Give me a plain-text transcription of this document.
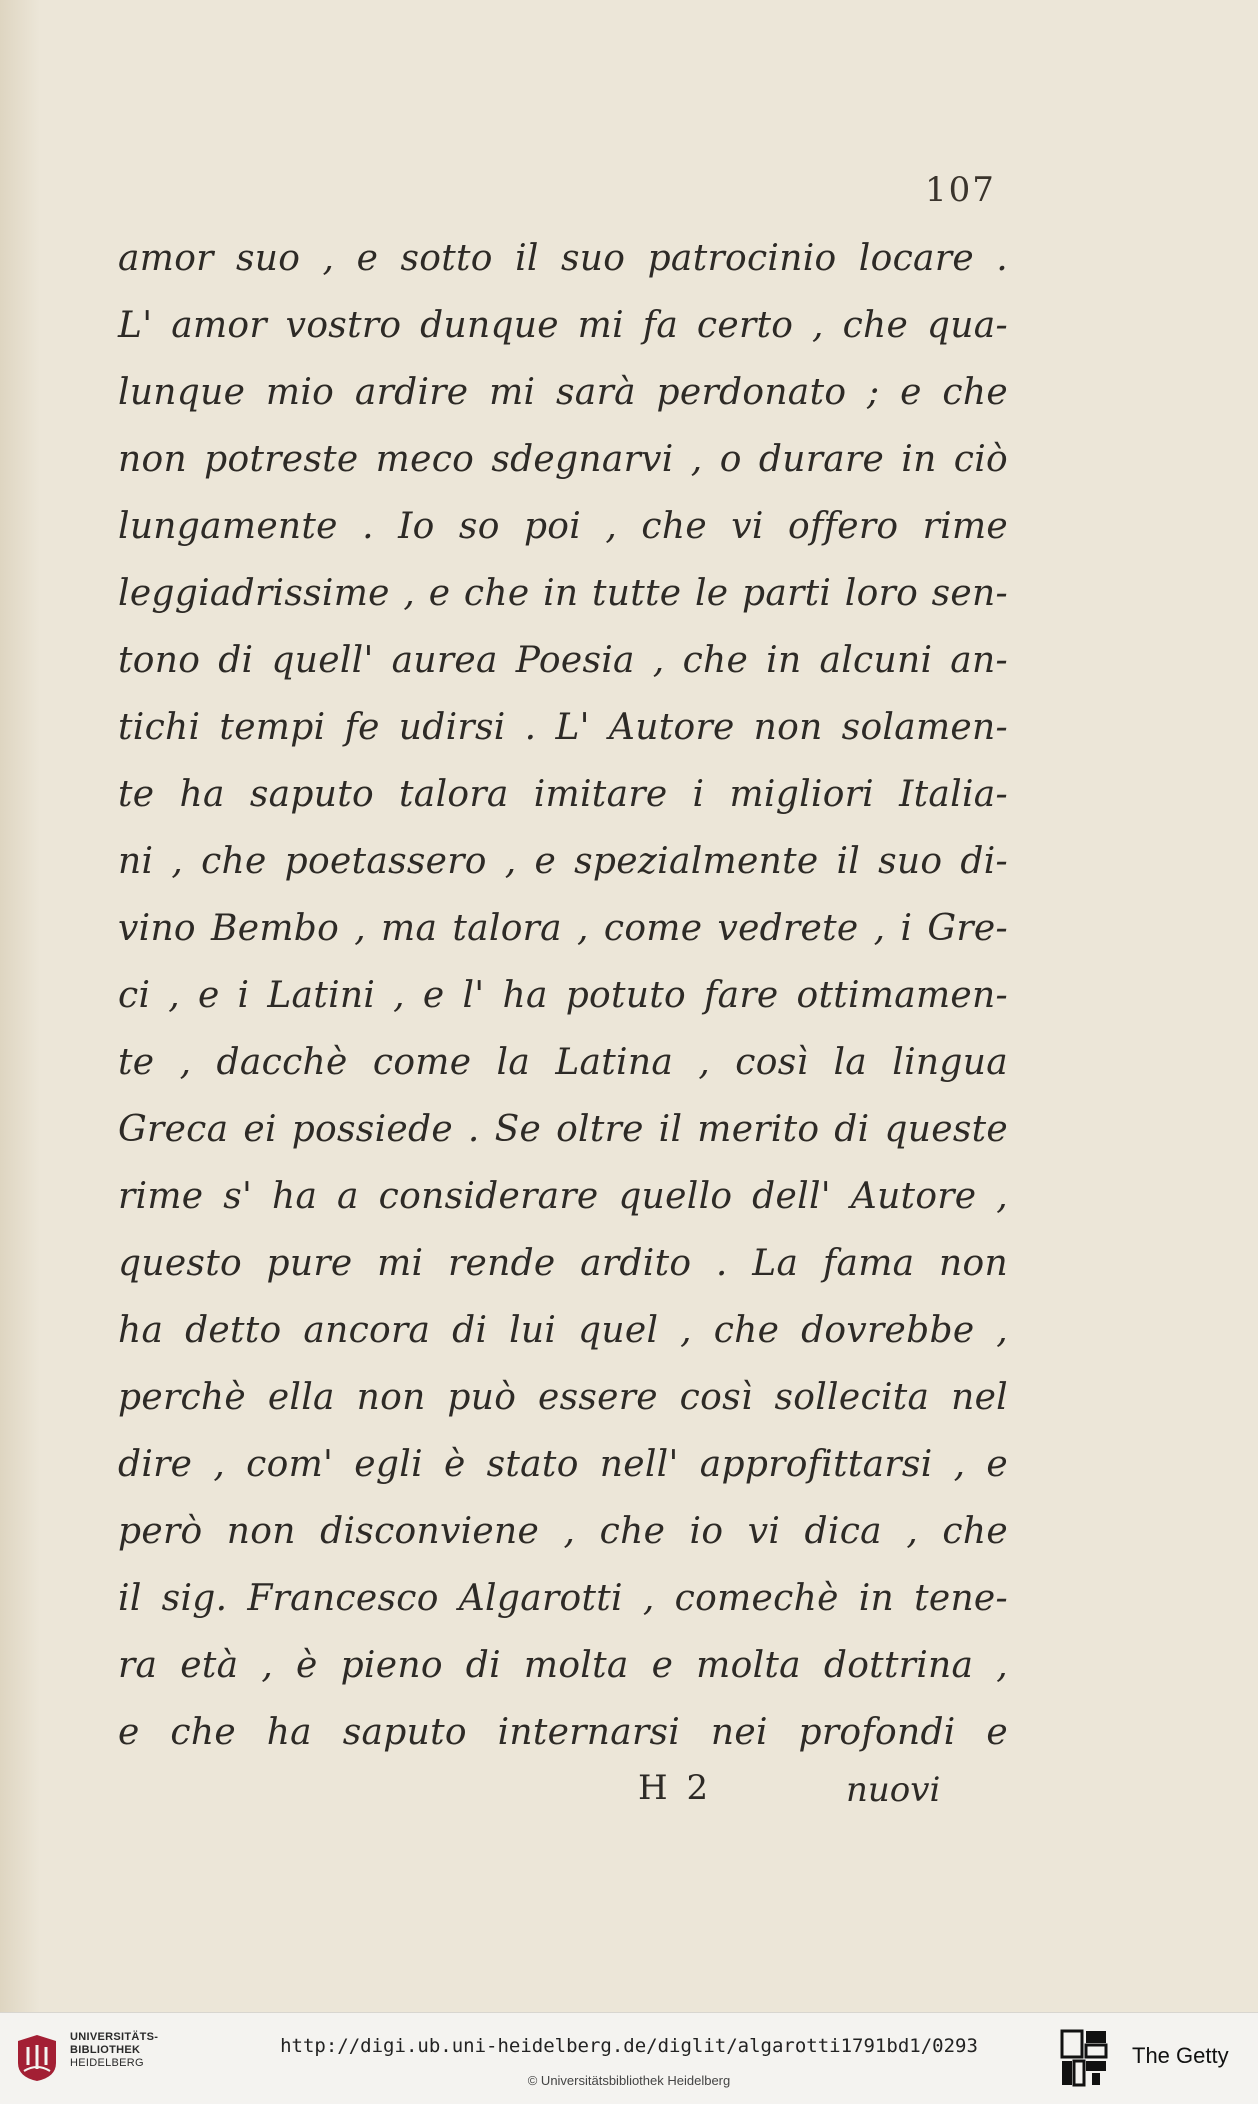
107
amor suo , e sotto il suo patrocinio locare .
L' amor vostro dunque mi fa certo , che qua-
lunque mio ardire mi sarà perdonato ; e che
non potreste meco sdegnarvi , o durare in ciò
lungamente . Io so poi , che vi offero rime
leggiadrissime , e che in tutte le parti loro sen-
tono di quell' aurea Poesia , che in alcuni an-
tichi tempi fe udirsi . L' Autore non solamen-
te ha saputo talora imitare i migliori Italia-
ni , che poetassero , e spezialmente il suo di-
vino Bembo , ma talora , come vedrete , i Gre-
ci , e i Latini , e l' ha potuto fare ottimamen-
te , dacchè come la Latina , così la lingua
Greca ei possiede . Se oltre il merito di queste
rime s' ha a considerare quello dell' Autore ,
questo pure mi rende ardito . La fama non
ha detto ancora di lui quel , che dovrebbe ,
perchè ella non può essere così sollecita nel
dire , com' egli è stato nell' approfittarsi , e
però non disconviene , che io vi dica , che
il sig. Francesco Algarotti , comechè in tene-
ra età , è pieno di molta e molta dottrina ,
e che ha saputo internarsi nei profondi e
H 2	nuovi
UNIVERSITÄTS-
BIBLIOTHEK
HEIDELBERG
http://digi.ub.uni-heidelberg.de/diglit/algarotti1791bd1/0293
© Universitätsbibliothek Heidelberg
The Getty
